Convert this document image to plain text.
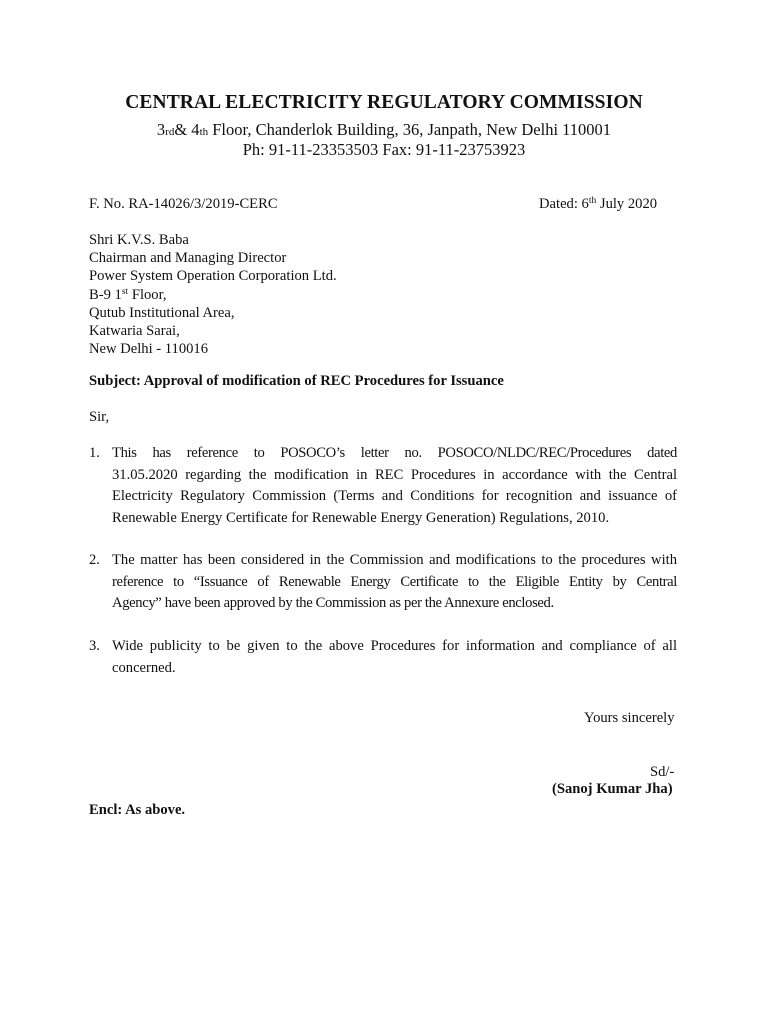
CENTRAL ELECTRICITY REGULATORY COMMISSION
3rd& 4th Floor, Chanderlok Building, 36, Janpath, New Delhi 110001
Ph: 91-11-23353503 Fax: 91-11-23753923
F. No. RA-14026/3/2019-CERC	Dated: 6th July 2020
Shri K.V.S. Baba
Chairman and Managing Director
Power System Operation Corporation Ltd.
B-9 1st Floor,
Qutub Institutional Area,
Katwaria Sarai,
New Delhi - 110016
Subject: Approval of modification of REC Procedures for Issuance
Sir,
1. This has reference to POSOCO’s letter no. POSOCO/NLDC/REC/Procedures dated
31.05.2020 regarding the modification in REC Procedures in accordance with the Central Electricity Regulatory Commission (Terms and Conditions for recognition and issuance of Renewable Energy Certificate for Renewable Energy Generation) Regulations, 2010.
2. The matter has been considered in the Commission and modifications to the procedures with
reference to “Issuance of Renewable Energy Certificate to the Eligible Entity by Central
Agency” have been approved by the Commission as per the Annexure enclosed.
3. Wide publicity to be given to the above Procedures for information and compliance of all concerned.
Yours sincerely
Sd/-
(Sanoj Kumar Jha)
Encl: As above.
